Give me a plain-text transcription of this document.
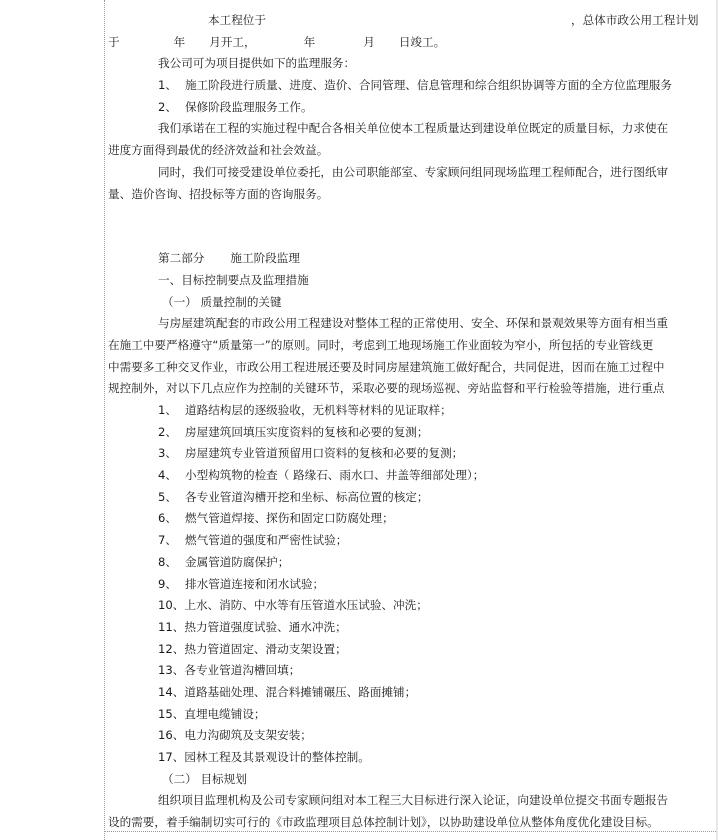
本工程位于	，总体市政公用工程计划
于	年 月开工，	年	月 日竣工。
我公司可为项目提供如下的监理服务：
1、 施工阶段进行质量、进度、造价、合同管理、信息管理和综合组织协调等方面的全方位监理服务
2、 保修阶段监理服务工作。
我们承诺在工程的实施过程中配合各相关单位使本工程质量达到建设单位既定的质量目标，力求使在
进度方面得到最优的经济效益和社会效益。
同时，我们可接受建设单位委托，由公司职能部室、专家顾问组同现场监理工程师配合，进行图纸审
量、造价咨询、招投标等方面的咨询服务。
第二部分 施工阶段监理
一、目标控制要点及监理措施
（一） 质量控制的关键
与房屋建筑配套的市政公用工程建设对整体工程的正常使用、安全、环保和景观效果等方面有相当重
在施工中要严格遵守“质量第一”的原则。同时，考虑到工地现场施工作业面较为窄小，所包括的专业管线更
中需要多工种交叉作业，市政公用工程进展还要及时同房屋建筑施工做好配合，共同促进，因而在施工过程中
规控制外，对以下几点应作为控制的关键环节，采取必要的现场巡视、旁站监督和平行检验等措施，进行重点
1、 道路结构层的逐级验收，无机料等材料的见证取样；
2、 房屋建筑回填压实度资料的复核和必要的复测；
3、 房屋建筑专业管道预留用口资料的复核和必要的复测；
4、 小型构筑物的检查（ 路缘石、雨水口、井盖等细部处理）；
5、 各专业管道沟槽开挖和坐标、标高位置的核定；
6、 燃气管道焊接、探伤和固定口防腐处理；
7、 燃气管道的强度和严密性试验；
8、 金属管道防腐保护；
9、 排水管道连接和闭水试验；
10、上水、消防、中水等有压管道水压试验、冲洗；
11、热力管道强度试验、通水冲洗；
12、热力管道固定、滑动支架设置；
13、各专业管道沟槽回填；
14、道路基础处理、混合料摊铺碾压、路面摊铺；
15、直埋电缆铺设；
16、电力沟砌筑及支架安装；
17、园林工程及其景观设计的整体控制。
（二） 目标规划
组织项目监理机构及公司专家顾问组对本工程三大目标进行深入论证，向建设单位提交书面专题报告
设的需要，着手编制切实可行的《市政监理项目总体控制计划》，以协助建设单位从整体角度优化建设目标。
